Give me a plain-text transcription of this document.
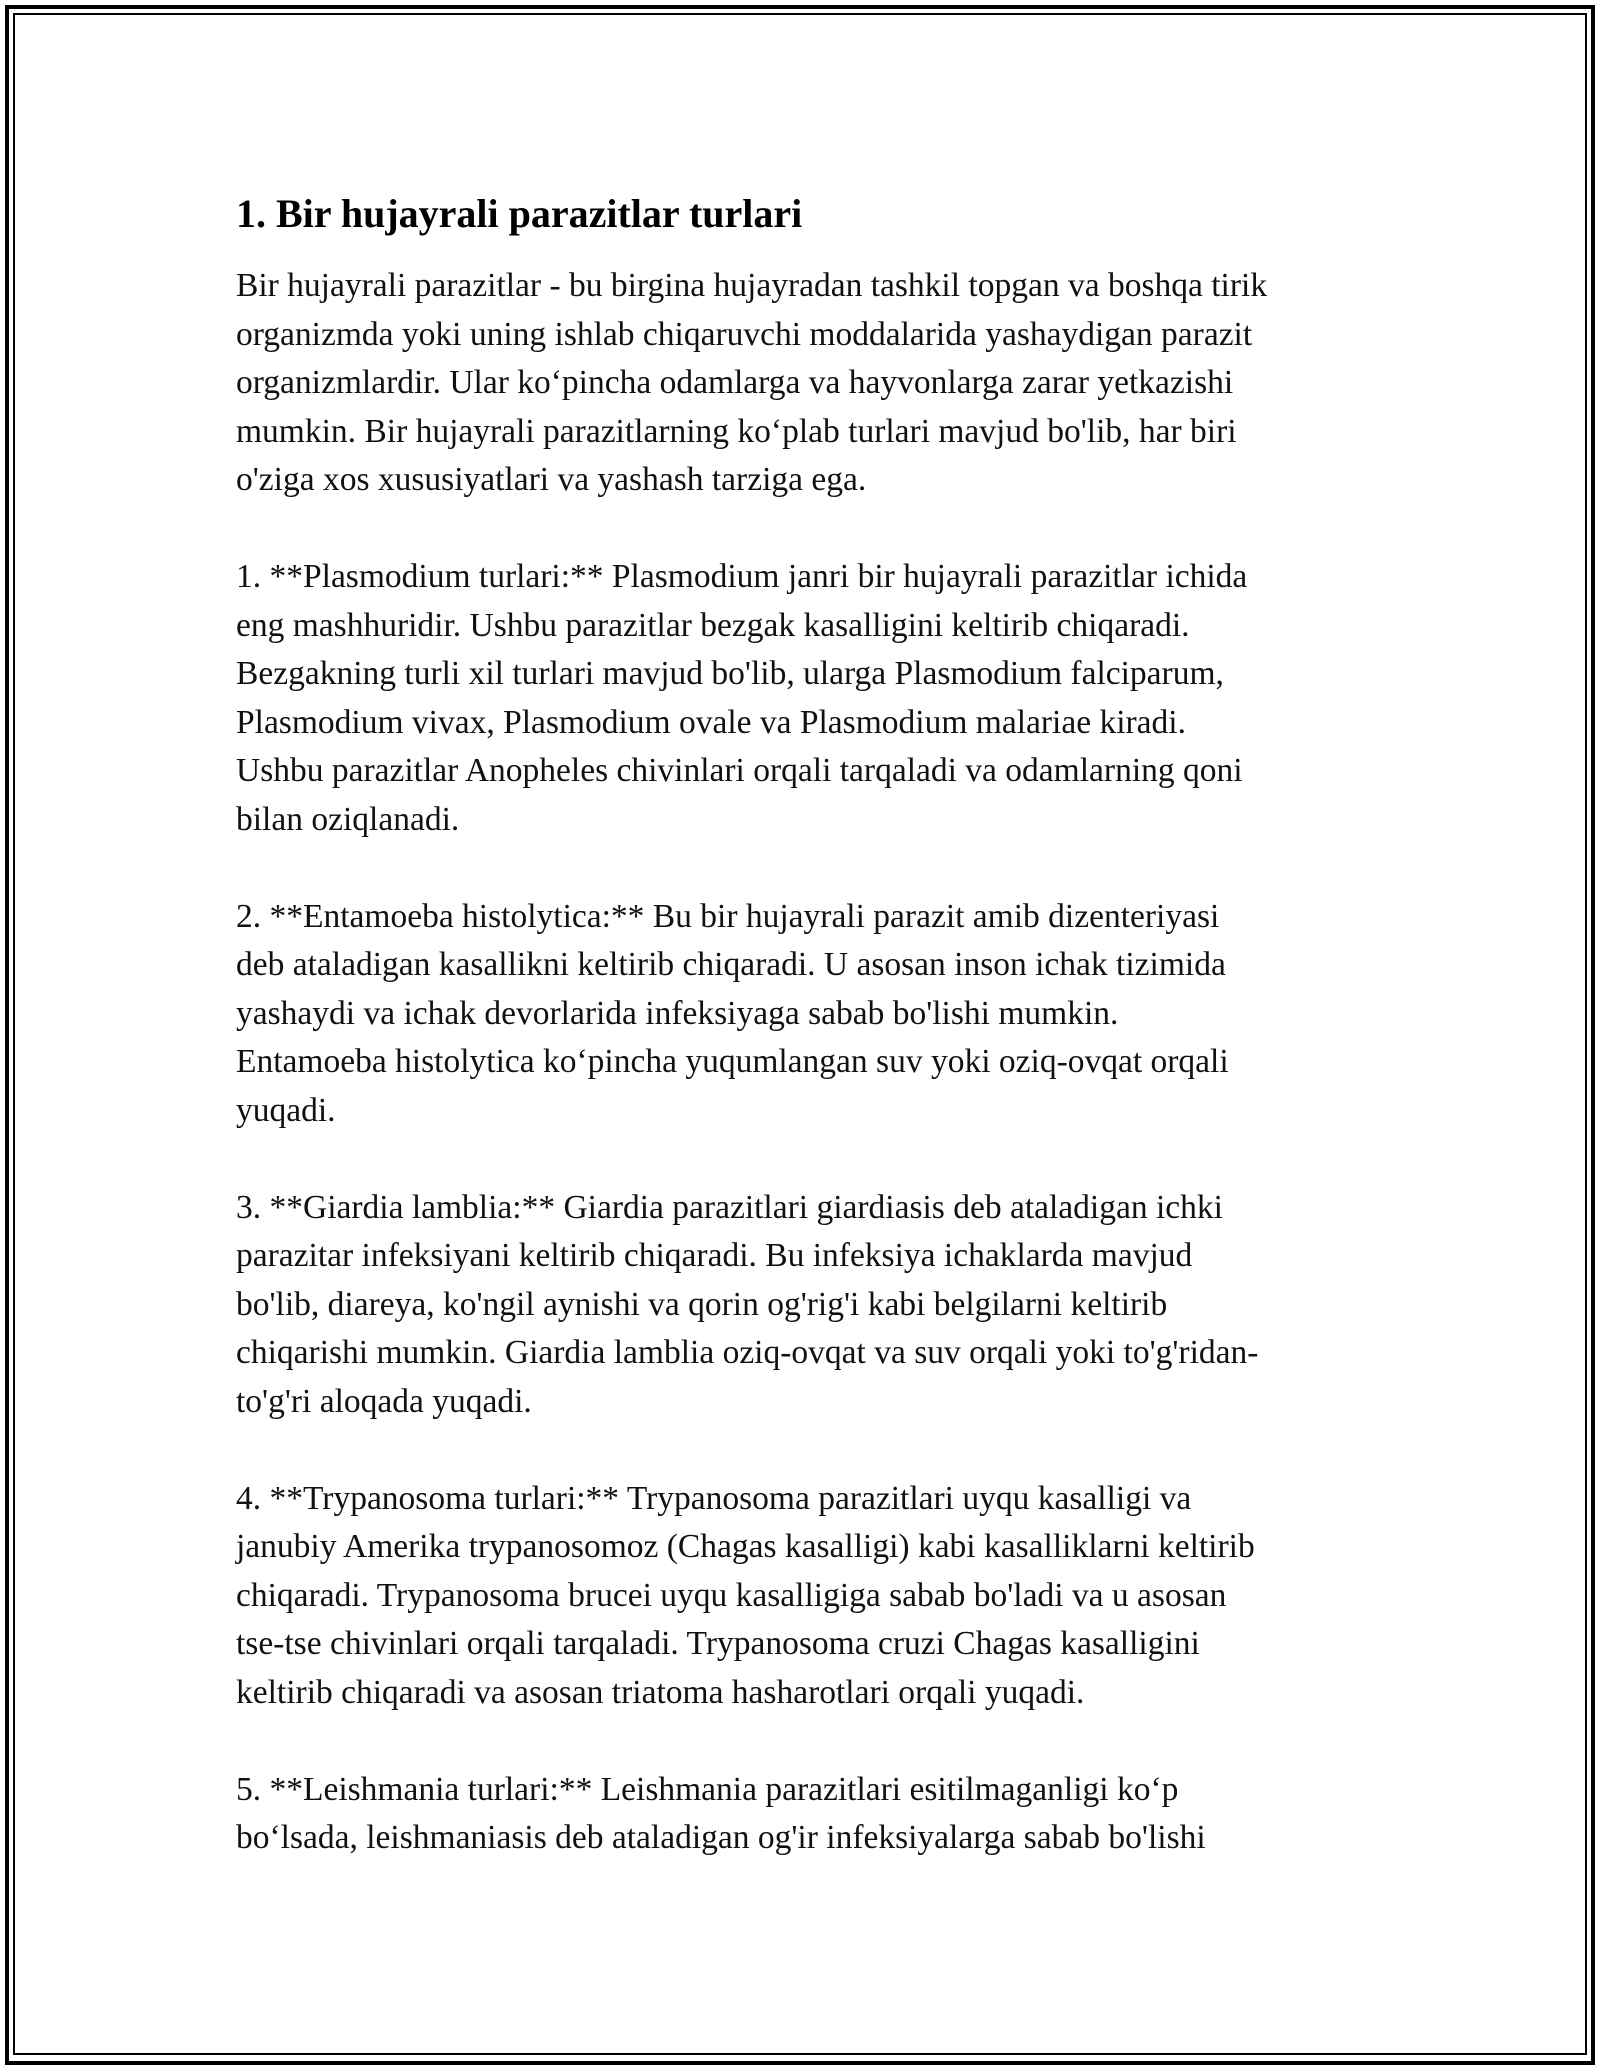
1. Bir hujayrali parazitlar turlari

Bir hujayrali parazitlar - bu birgina hujayradan tashkil topgan va boshqa tirik
organizmda yoki uning ishlab chiqaruvchi moddalarida yashaydigan parazit
organizmlardir. Ular ko‘pincha odamlarga va hayvonlarga zarar yetkazishi
mumkin. Bir hujayrali parazitlarning ko‘plab turlari mavjud bo'lib, har biri
o'ziga xos xususiyatlari va yashash tarziga ega.

1. **Plasmodium turlari:** Plasmodium janri bir hujayrali parazitlar ichida
eng mashhuridir. Ushbu parazitlar bezgak kasalligini keltirib chiqaradi.
Bezgakning turli xil turlari mavjud bo'lib, ularga Plasmodium falciparum,
Plasmodium vivax, Plasmodium ovale va Plasmodium malariae kiradi.
Ushbu parazitlar Anopheles chivinlari orqali tarqaladi va odamlarning qoni
bilan oziqlanadi.

2. **Entamoeba histolytica:** Bu bir hujayrali parazit amib dizenteriyasi
deb ataladigan kasallikni keltirib chiqaradi. U asosan inson ichak tizimida
yashaydi va ichak devorlarida infeksiyaga sabab bo'lishi mumkin.
Entamoeba histolytica ko‘pincha yuqumlangan suv yoki oziq-ovqat orqali
yuqadi.

3. **Giardia lamblia:** Giardia parazitlari giardiasis deb ataladigan ichki
parazitar infeksiyani keltirib chiqaradi. Bu infeksiya ichaklarda mavjud
bo'lib, diareya, ko'ngil aynishi va qorin og'rig'i kabi belgilarni keltirib
chiqarishi mumkin. Giardia lamblia oziq-ovqat va suv orqali yoki to'g'ridan-
to'g'ri aloqada yuqadi.

4. **Trypanosoma turlari:** Trypanosoma parazitlari uyqu kasalligi va
janubiy Amerika trypanosomoz (Chagas kasalligi) kabi kasalliklarni keltirib
chiqaradi. Trypanosoma brucei uyqu kasalligiga sabab bo'ladi va u asosan
tse-tse chivinlari orqali tarqaladi. Trypanosoma cruzi Chagas kasalligini
keltirib chiqaradi va asosan triatoma hasharotlari orqali yuqadi.

5. **Leishmania turlari:** Leishmania parazitlari esitilmaganligi ko‘p
bo‘lsada, leishmaniasis deb ataladigan og'ir infeksiyalarga sabab bo'lishi
